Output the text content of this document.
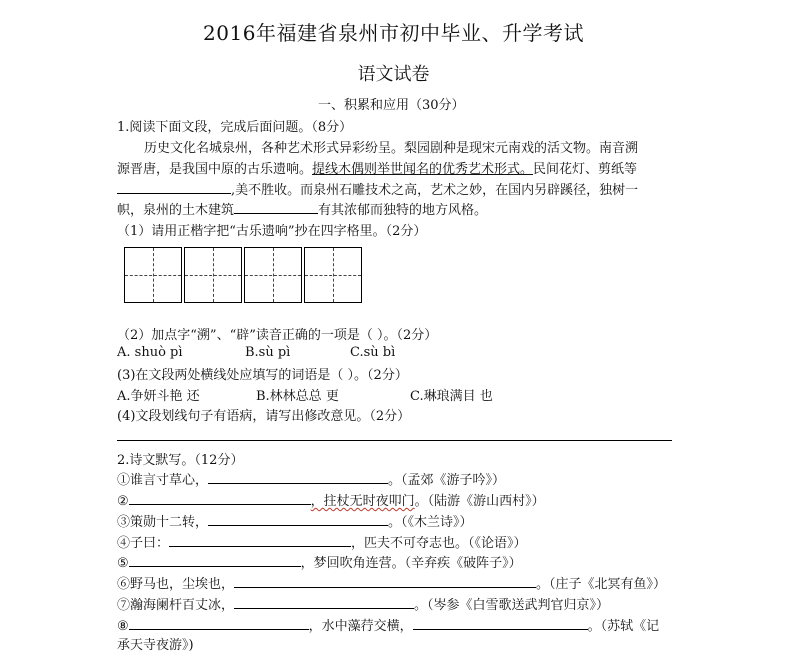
2016年福建省泉州市初中毕业、升学考试
语文试卷
一、积累和应用（30分）
1.阅读下面文段，完成后面问题。（8分）
历史文化名城泉州，各种艺术形式异彩纷呈。梨园剧种是现宋元南戏的活文物。南音溯
源晋唐，是我国中原的古乐遗响。提线木偶则举世闻名的优秀艺术形式。民间花灯、剪纸等
,美不胜收。而泉州石雕技术之高，艺术之妙，在国内另辟蹊径，独树一
帜，泉州的土木建筑	有其浓郁而独特的地方风格。
（1）请用正楷字把“古乐遗响”抄在四字格里。（2分）
（2）加点字“溯”、“辟”读音正确的一项是（ ）。（2分）
A. shuò pì	B.sù pì	C.sù bì
(3)在文段两处横线处应填写的词语是（ ）。（2分）
A.争妍斗艳 还	B.林林总总 更	C.琳琅满目 也
(4)文段划线句子有语病，请写出修改意见。（2分）
2.诗文默写。（12分）
①谁言寸草心，	。（孟郊《游子吟》）
②	，拄杖无时夜叩门。（陆游《游山西村》）
③策勋十二转，	。（《木兰诗》）
④子曰：	，匹夫不可夺志也。（《论语》）
⑤	，梦回吹角连营。（辛弃疾《破阵子》）
⑥野马也，尘埃也，	。（庄子《北冥有鱼》）
⑦瀚海阑杆百丈冰，	。（岑参《白雪歌送武判官归京》）
⑧	，水中藻荇交横，	。（苏轼《记
承天寺夜游》)
